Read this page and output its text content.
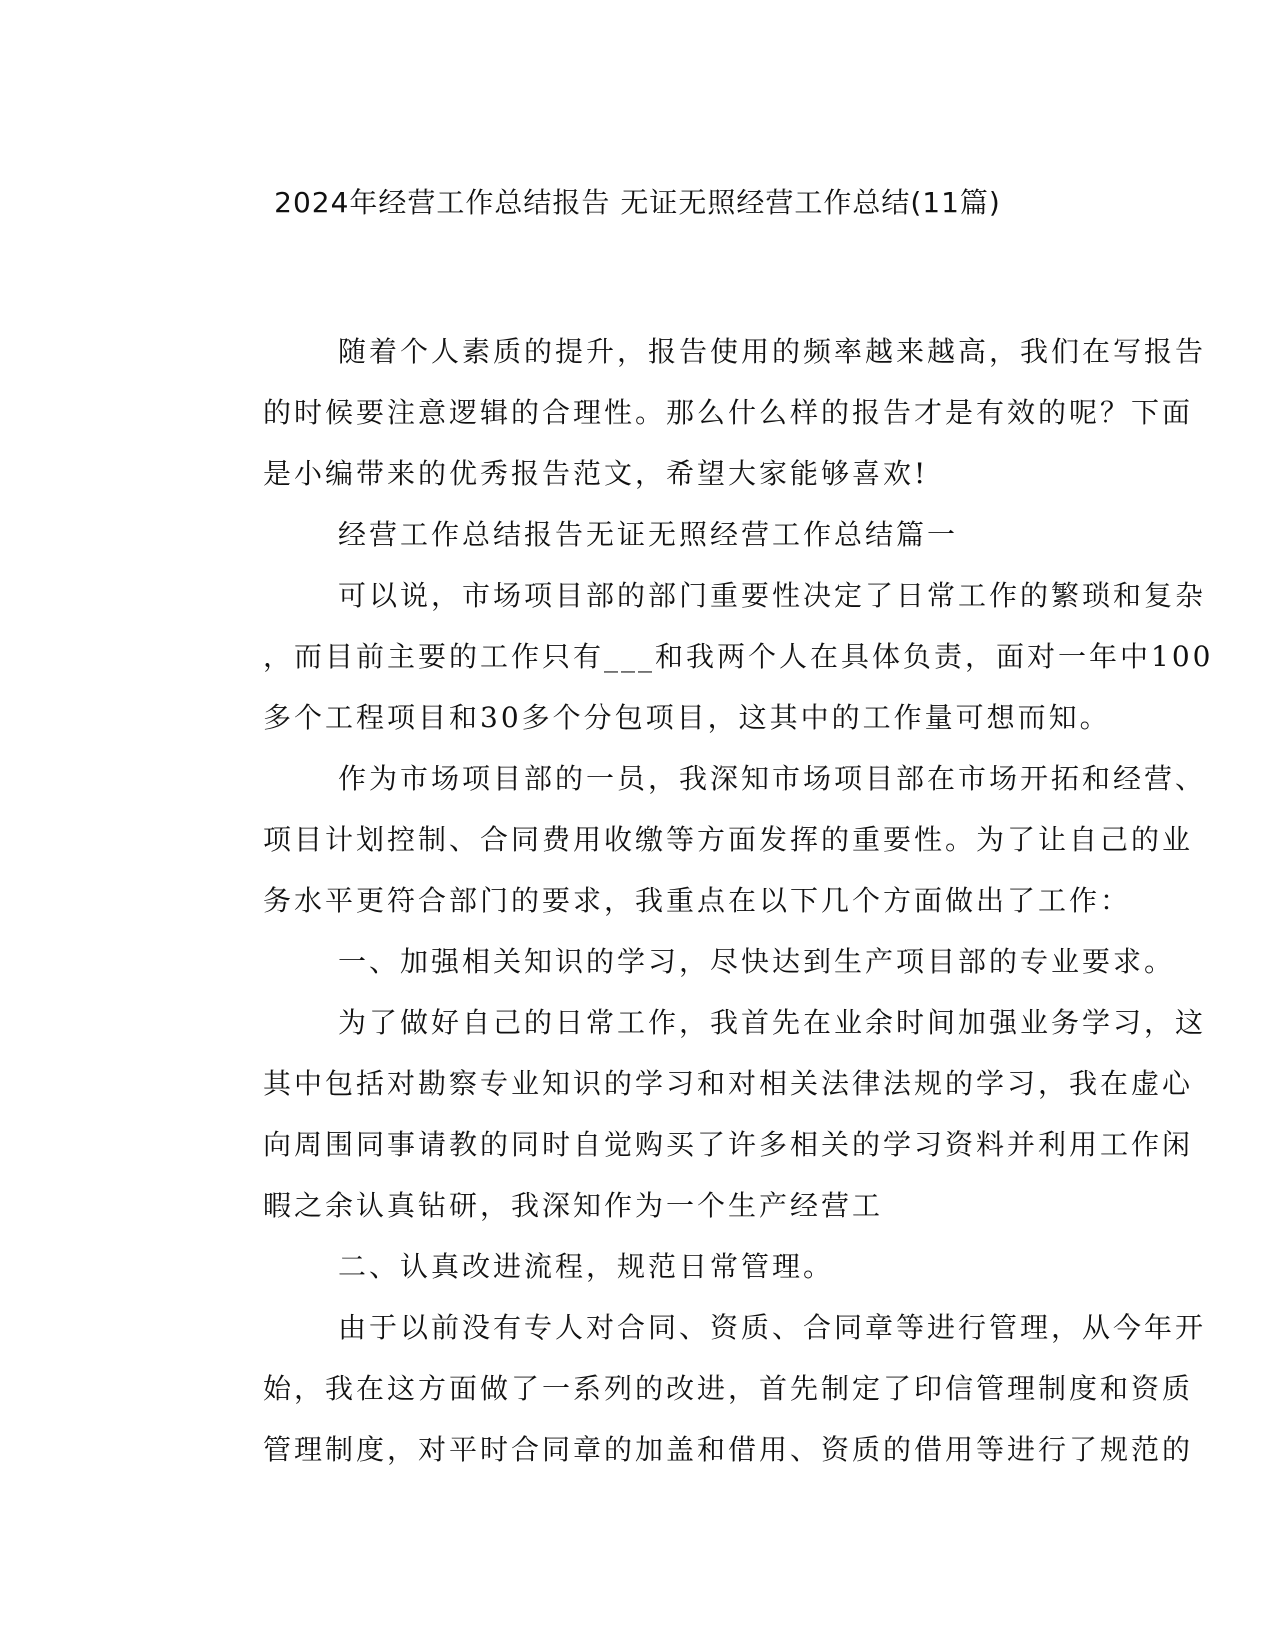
2024年经营工作总结报告 无证无照经营工作总结(11篇)
随着个人素质的提升，报告使用的频率越来越高，我们在写报告
的时候要注意逻辑的合理性。那么什么样的报告才是有效的呢？下面
是小编带来的优秀报告范文，希望大家能够喜欢!
经营工作总结报告无证无照经营工作总结篇一
可以说，市场项目部的部门重要性决定了日常工作的繁琐和复杂
，而目前主要的工作只有___和我两个人在具体负责，面对一年中100
多个工程项目和30多个分包项目，这其中的工作量可想而知。
作为市场项目部的一员，我深知市场项目部在市场开拓和经营、
项目计划控制、合同费用收缴等方面发挥的重要性。为了让自己的业
务水平更符合部门的要求，我重点在以下几个方面做出了工作：
一、加强相关知识的学习，尽快达到生产项目部的专业要求。
为了做好自己的日常工作，我首先在业余时间加强业务学习，这
其中包括对勘察专业知识的学习和对相关法律法规的学习，我在虚心
向周围同事请教的同时自觉购买了许多相关的学习资料并利用工作闲
暇之余认真钻研，我深知作为一个生产经营工
二、认真改进流程，规范日常管理。
由于以前没有专人对合同、资质、合同章等进行管理，从今年开
始，我在这方面做了一系列的改进，首先制定了印信管理制度和资质
管理制度，对平时合同章的加盖和借用、资质的借用等进行了规范的
